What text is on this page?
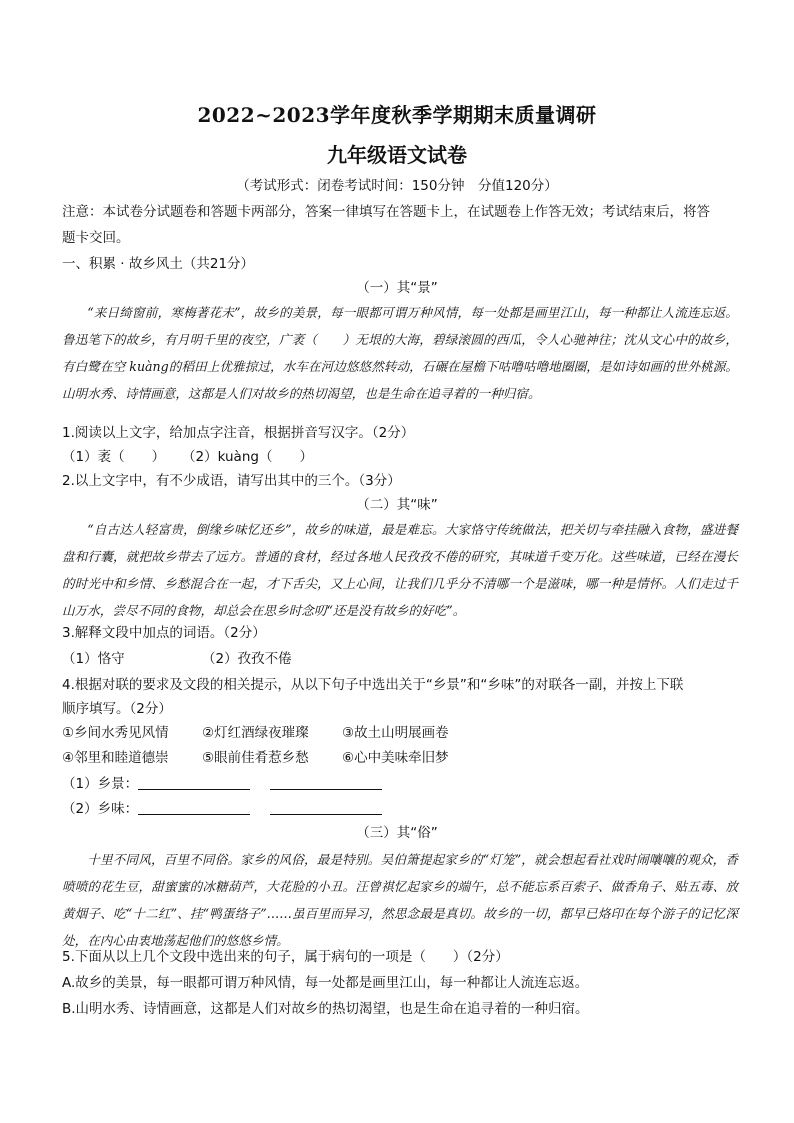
2022~2023学年度秋季学期期末质量调研
九年级语文试卷
（考试形式：闭卷考试时间：150分钟　分值120分）
注意：本试卷分试题卷和答题卡两部分，答案一律填写在答题卡上，在试题卷上作答无效；考试结束后，将答
题卡交回。
一、积累 · 故乡风土（共21分）
（一）其“景”

“来日绮窗前，寒梅著花未”，故乡的美景，每一眼都可谓万种风情，每一处都是画里江山，每一种都让人流连忘返。鲁迅笔下的故乡，有月明千里的夜空，广袤（　　）无垠的大海，碧绿滚圆的西瓜，令人心驰神往；沈从文心中的故乡，有白鹭在空 kuàng的稻田上优雅掠过，水车在河边悠悠然转动，石碾在屋檐下咕噜咕噜地圈圈，是如诗如画的世外桃源。山明水秀、诗情画意，这都是人们对故乡的热切渴望，也是生命在追寻着的一种归宿。

1.阅读以上文字，给加点字注音，根据拼音写汉字。（2分）
（1）袤（　　） （2）kuàng（　　）
2.以上文字中，有不少成语，请写出其中的三个。（3分）
（二）其“味”

“自古达人轻富贵，倒缘乡味忆还乡”，故乡的味道，最是难忘。大家恪守传统做法，把关切与牵挂融入食物，盛进餐盘和行囊，就把故乡带去了远方。普通的食材，经过各地人民孜孜不倦的研究，其味道千变万化。这些味道，已经在漫长的时光中和乡情、乡愁混合在一起，才下舌尖，又上心间，让我们几乎分不清哪一个是滋味，哪一种是情怀。人们走过千山万水，尝尽不同的食物，却总会在思乡时念叨“还是没有故乡的好吃”。

3.解释文段中加点的词语。（2分）
（1）恪守	（2）孜孜不倦
4.根据对联的要求及文段的相关提示，从以下句子中选出关于“乡景”和“乡味”的对联各一副，并按上下联
顺序填写。（2分）
①乡间水秀见风情 ②灯红酒绿夜璀璨 ③故土山明展画卷
④邻里和睦道德崇 ⑤眼前佳肴惹乡愁 ⑥心中美味牵旧梦
（1）乡景：
（2）乡味：
（三）其“俗”

十里不同风，百里不同俗。家乡的风俗，最是特别。吴伯箫提起家乡的“灯笼”，就会想起看社戏时闹嚷嚷的观众，香喷喷的花生豆，甜蜜蜜的冰糖葫芦，大花脸的小丑。汪曾祺忆起家乡的端午，总不能忘系百索子、做香角子、贴五毒、放黄烟子、吃“十二红”、挂“鸭蛋络子”……虽百里而异习，然思念最是真切。故乡的一切，都早已烙印在每个游子的记忆深处，在内心由衷地荡起他们的悠悠乡情。

5.下面从以上几个文段中选出来的句子，属于病句的一项是（　　）（2分）
A.故乡的美景，每一眼都可谓万种风情，每一处都是画里江山，每一种都让人流连忘返。
B.山明水秀、诗情画意，这都是人们对故乡的热切渴望，也是生命在追寻着的一种归宿。
